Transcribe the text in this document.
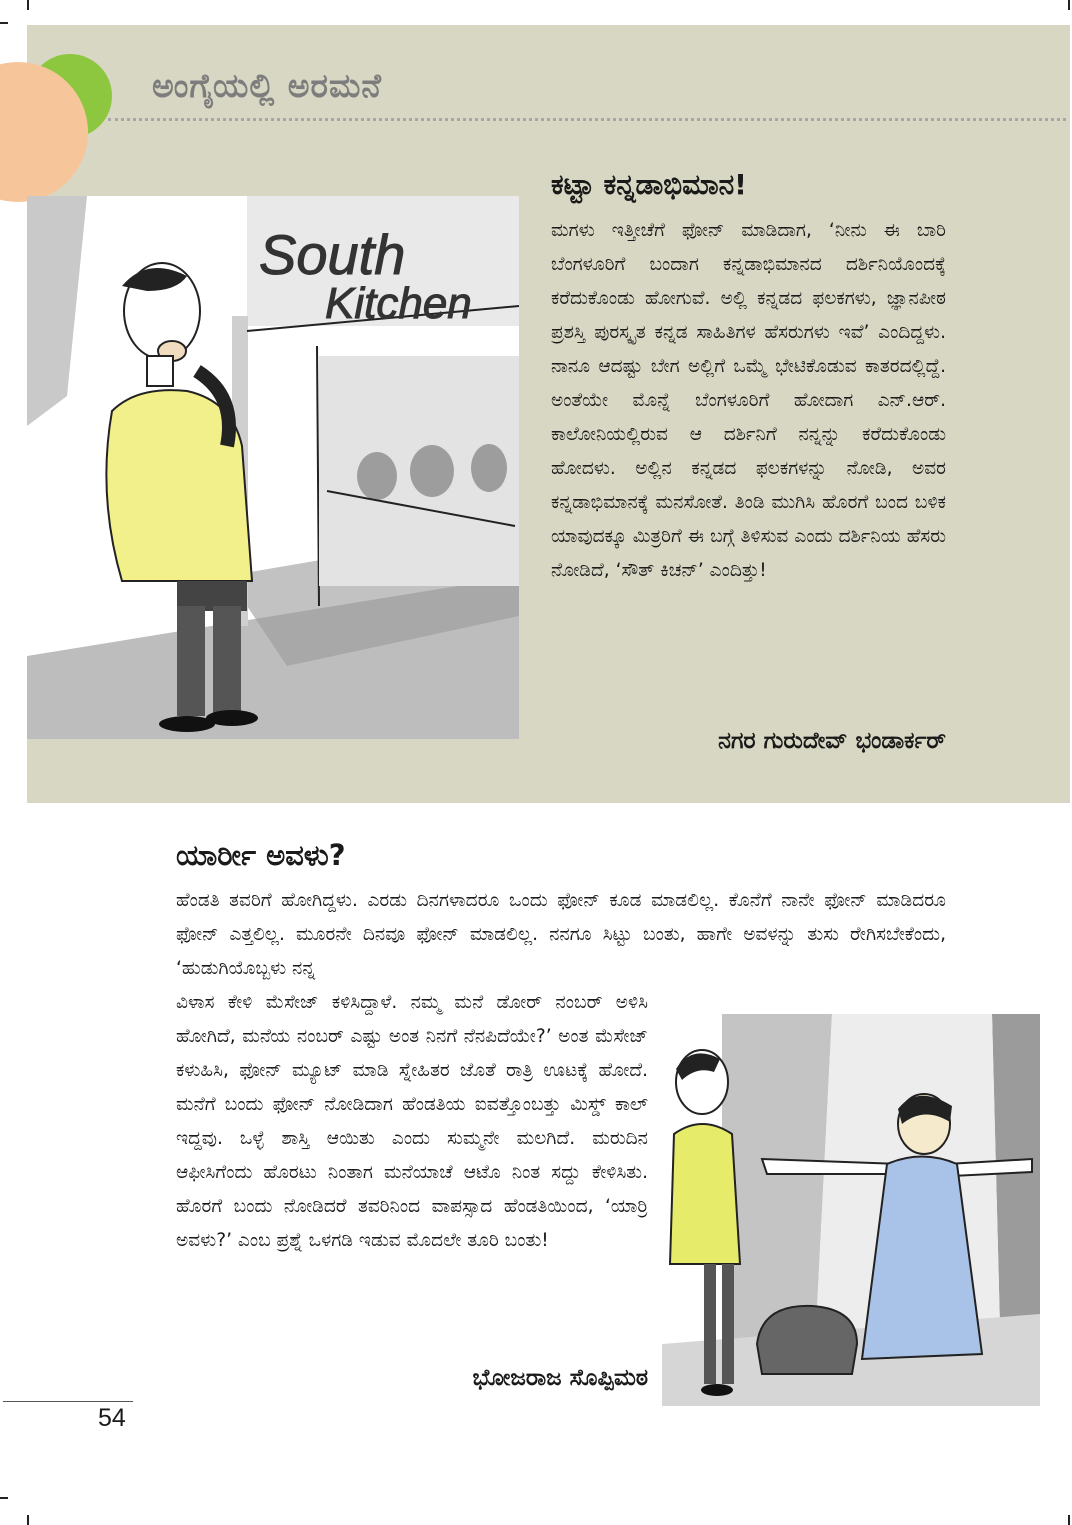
ಅಂಗೈಯಲ್ಲಿ ಅರಮನೆ
South
Kitchen
ಕಟ್ಟಾ ಕನ್ನಡಾಭಿಮಾನ!
ಮಗಳು ಇತ್ತೀಚೆಗೆ ಫೋನ್ ಮಾಡಿದಾಗ, ‘ನೀನು ಈ ಬಾರಿ ಬೆಂಗಳೂರಿಗೆ ಬಂದಾಗ ಕನ್ನಡಾಭಿಮಾನದ ದರ್ಶಿನಿಯೊಂದಕ್ಕೆ ಕರೆದುಕೊಂಡು ಹೋಗುವೆ. ಅಲ್ಲಿ ಕನ್ನಡದ ಫಲಕಗಳು, ಜ್ಞಾನಪೀಠ ಪ್ರಶಸ್ತಿ ಪುರಸ್ಕೃತ ಕನ್ನಡ ಸಾಹಿತಿಗಳ ಹೆಸರುಗಳು ಇವೆ’ ಎಂದಿದ್ದಳು. ನಾನೂ ಆದಷ್ಟು ಬೇಗ ಅಲ್ಲಿಗೆ ಒಮ್ಮೆ ಭೇಟಿಕೊಡುವ ಕಾತರದಲ್ಲಿದ್ದೆ. ಅಂತೆಯೇ ಮೊನ್ನೆ ಬೆಂಗಳೂರಿಗೆ ಹೋದಾಗ ಎನ್.ಆರ್. ಕಾಲೋನಿಯಲ್ಲಿರುವ ಆ ದರ್ಶಿನಿಗೆ ನನ್ನನ್ನು ಕರೆದುಕೊಂಡು ಹೋದಳು. ಅಲ್ಲಿನ ಕನ್ನಡದ ಫಲಕಗಳನ್ನು ನೋಡಿ, ಅವರ ಕನ್ನಡಾಭಿಮಾನಕ್ಕೆ ಮನಸೋತೆ. ತಿಂಡಿ ಮುಗಿಸಿ ಹೊರಗೆ ಬಂದ ಬಳಿಕ ಯಾವುದಕ್ಕೂ ಮಿತ್ರರಿಗೆ ಈ ಬಗ್ಗೆ ತಿಳಿಸುವ ಎಂದು ದರ್ಶಿನಿಯ ಹೆಸರು ನೋಡಿದೆ, ‘ಸೌತ್ ಕಿಚನ್’ ಎಂದಿತ್ತು!
ನಗರ ಗುರುದೇವ್ ಭಂಡಾರ್ಕರ್
ಯಾರ್ರೀ ಅವಳು?
ಹೆಂಡತಿ ತವರಿಗೆ ಹೋಗಿದ್ದಳು. ಎರಡು ದಿನಗಳಾದರೂ ಒಂದು ಫೋನ್ ಕೂಡ ಮಾಡಲಿಲ್ಲ. ಕೊನೆಗೆ ನಾನೇ ಫೋನ್ ಮಾಡಿದರೂ ಫೋನ್ ಎತ್ತಲಿಲ್ಲ. ಮೂರನೇ ದಿನವೂ ಫೋನ್ ಮಾಡಲಿಲ್ಲ. ನನಗೂ ಸಿಟ್ಟು ಬಂತು, ಹಾಗೇ ಅವಳನ್ನು ತುಸು ರೇಗಿಸಬೇಕೆಂದು, ‘ಹುಡುಗಿಯೊಬ್ಬಳು ನನ್ನ
ವಿಳಾಸ ಕೇಳಿ ಮೆಸೇಜ್ ಕಳಿಸಿದ್ದಾಳೆ. ನಮ್ಮ ಮನೆ ಡೋರ್ ನಂಬರ್ ಅಳಿಸಿ ಹೋಗಿದೆ, ಮನೆಯ ನಂಬರ್ ಎಷ್ಟು ಅಂತ ನಿನಗೆ ನೆನಪಿದೆಯೇ?’ ಅಂತ ಮೆಸೇಜ್ ಕಳುಹಿಸಿ, ಫೋನ್ ಮ್ಯೂಟ್ ಮಾಡಿ ಸ್ನೇಹಿತರ ಜೊತೆ ರಾತ್ರಿ ಊಟಕ್ಕೆ ಹೋದೆ. ಮನೆಗೆ ಬಂದು ಫೋನ್ ನೋಡಿದಾಗ ಹೆಂಡತಿಯ ಐವತ್ತೊಂಬತ್ತು ಮಿಸ್ಡ್ ಕಾಲ್ ಇದ್ದವು. ಒಳ್ಳೆ ಶಾಸ್ತಿ ಆಯಿತು ಎಂದು ಸುಮ್ಮನೇ ಮಲಗಿದೆ. ಮರುದಿನ ಆಫೀಸಿಗೆಂದು ಹೊರಟು ನಿಂತಾಗ ಮನೆಯಾಚೆ ಆಟೊ ನಿಂತ ಸದ್ದು ಕೇಳಿಸಿತು. ಹೊರಗೆ ಬಂದು ನೋಡಿದರೆ ತವರಿನಿಂದ ವಾಪಸ್ಸಾದ ಹೆಂಡತಿಯಿಂದ, ‘ಯಾರ್ರಿ ಅವಳು?’ ಎಂಬ ಪ್ರಶ್ನೆ ಒಳಗಡಿ ಇಡುವ ಮೊದಲೇ ತೂರಿ ಬಂತು!
ಭೋಜರಾಜ ಸೊಪ್ಪಿಮಠ
54
